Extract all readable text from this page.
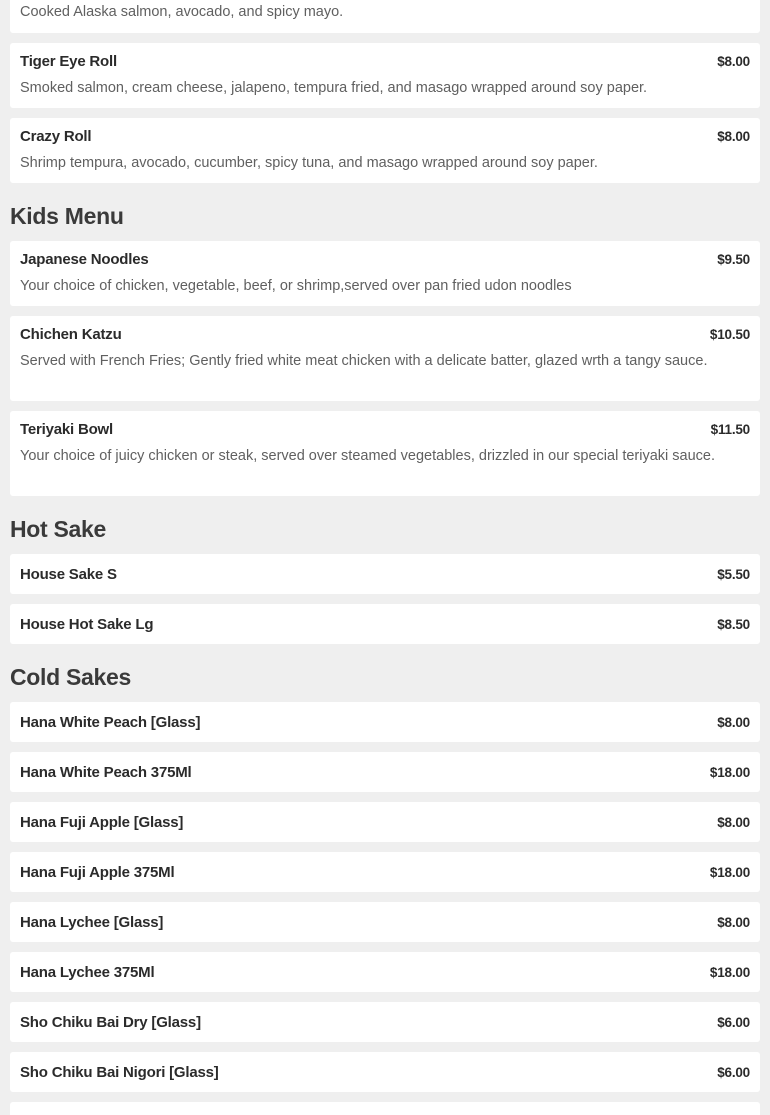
Cooked Alaska salmon, avocado, and spicy mayo.
Tiger Eye Roll	$8.00
Smoked salmon, cream cheese, jalapeno, tempura fried, and masago wrapped around soy paper.
Crazy Roll	$8.00
Shrimp tempura, avocado, cucumber, spicy tuna, and masago wrapped around soy paper.
Kids Menu
Japanese Noodles	$9.50
Your choice of chicken, vegetable, beef, or shrimp,served over pan fried udon noodles
Chichen Katzu	$10.50
Served with French Fries; Gently fried white meat chicken with a delicate batter, glazed wrth a tangy sauce.
Teriyaki Bowl	$11.50
Your choice of juicy chicken or steak, served over steamed vegetables, drizzled in our special teriyaki sauce.
Hot Sake
House Sake S	$5.50
House Hot Sake Lg	$8.50
Cold Sakes
Hana White Peach [Glass]	$8.00
Hana White Peach 375Ml	$18.00
Hana Fuji Apple [Glass]	$8.00
Hana Fuji Apple 375Ml	$18.00
Hana Lychee [Glass]	$8.00
Hana Lychee 375Ml	$18.00
Sho Chiku Bai Dry [Glass]	$6.00
Sho Chiku Bai Nigori [Glass]	$6.00
